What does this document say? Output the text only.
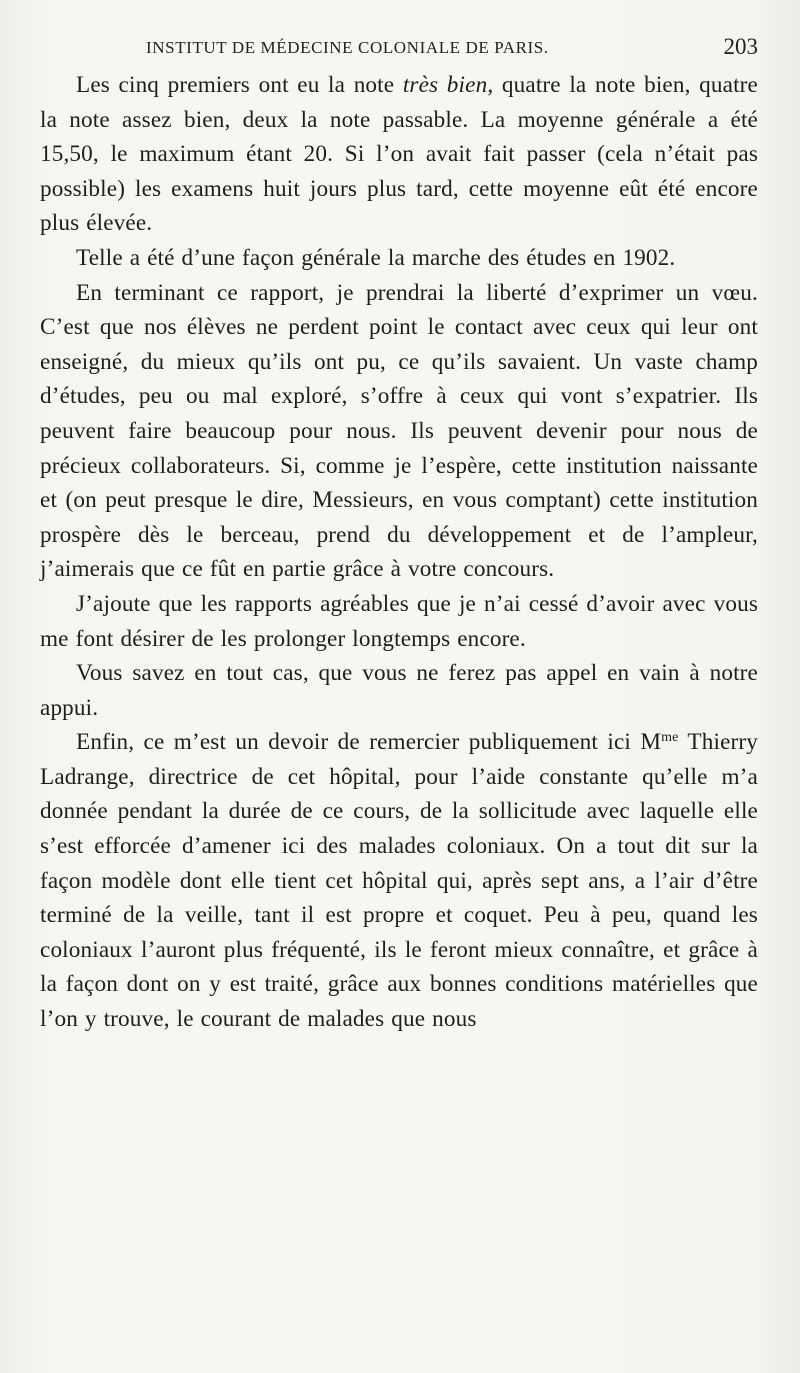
INSTITUT DE MÉDECINE COLONIALE DE PARIS.	203

Les cinq premiers ont eu la note très bien, quatre la note bien, quatre la note assez bien, deux la note passable. La moyenne générale a été 15,50, le maximum étant 20. Si l’on avait fait passer (cela n’était pas possible) les examens huit jours plus tard, cette moyenne eût été encore plus élevée.

Telle a été d’une façon générale la marche des études en 1902.

En terminant ce rapport, je prendrai la liberté d’exprimer un vœu. C’est que nos élèves ne perdent point le contact avec ceux qui leur ont enseigné, du mieux qu’ils ont pu, ce qu’ils savaient. Un vaste champ d’études, peu ou mal exploré, s’offre à ceux qui vont s’expatrier. Ils peuvent faire beaucoup pour nous. Ils peuvent devenir pour nous de précieux collaborateurs. Si, comme je l’espère, cette institution naissante et (on peut presque le dire, Messieurs, en vous comptant) cette institution prospère dès le berceau, prend du développement et de l’ampleur, j’aimerais que ce fût en partie grâce à votre concours.

J’ajoute que les rapports agréables que je n’ai cessé d’avoir avec vous me font désirer de les prolonger longtemps encore.

Vous savez en tout cas, que vous ne ferez pas appel en vain à notre appui.

Enfin, ce m’est un devoir de remercier publiquement ici $M^{me}$ Thierry Ladrange, directrice de cet hôpital, pour l’aide constante qu’elle m’a donnée pendant la durée de ce cours, de la sollicitude avec laquelle elle s’est efforcée d’amener ici des malades coloniaux. On a tout dit sur la façon modèle dont elle tient cet hôpital qui, après sept ans, a l’air d’être terminé de la veille, tant il est propre et coquet. Peu à peu, quand les coloniaux l’auront plus fréquenté, ils le feront mieux connaître, et grâce à la façon dont on y est traité, grâce aux bonnes conditions matérielles que l’on y trouve, le courant de malades que nous
